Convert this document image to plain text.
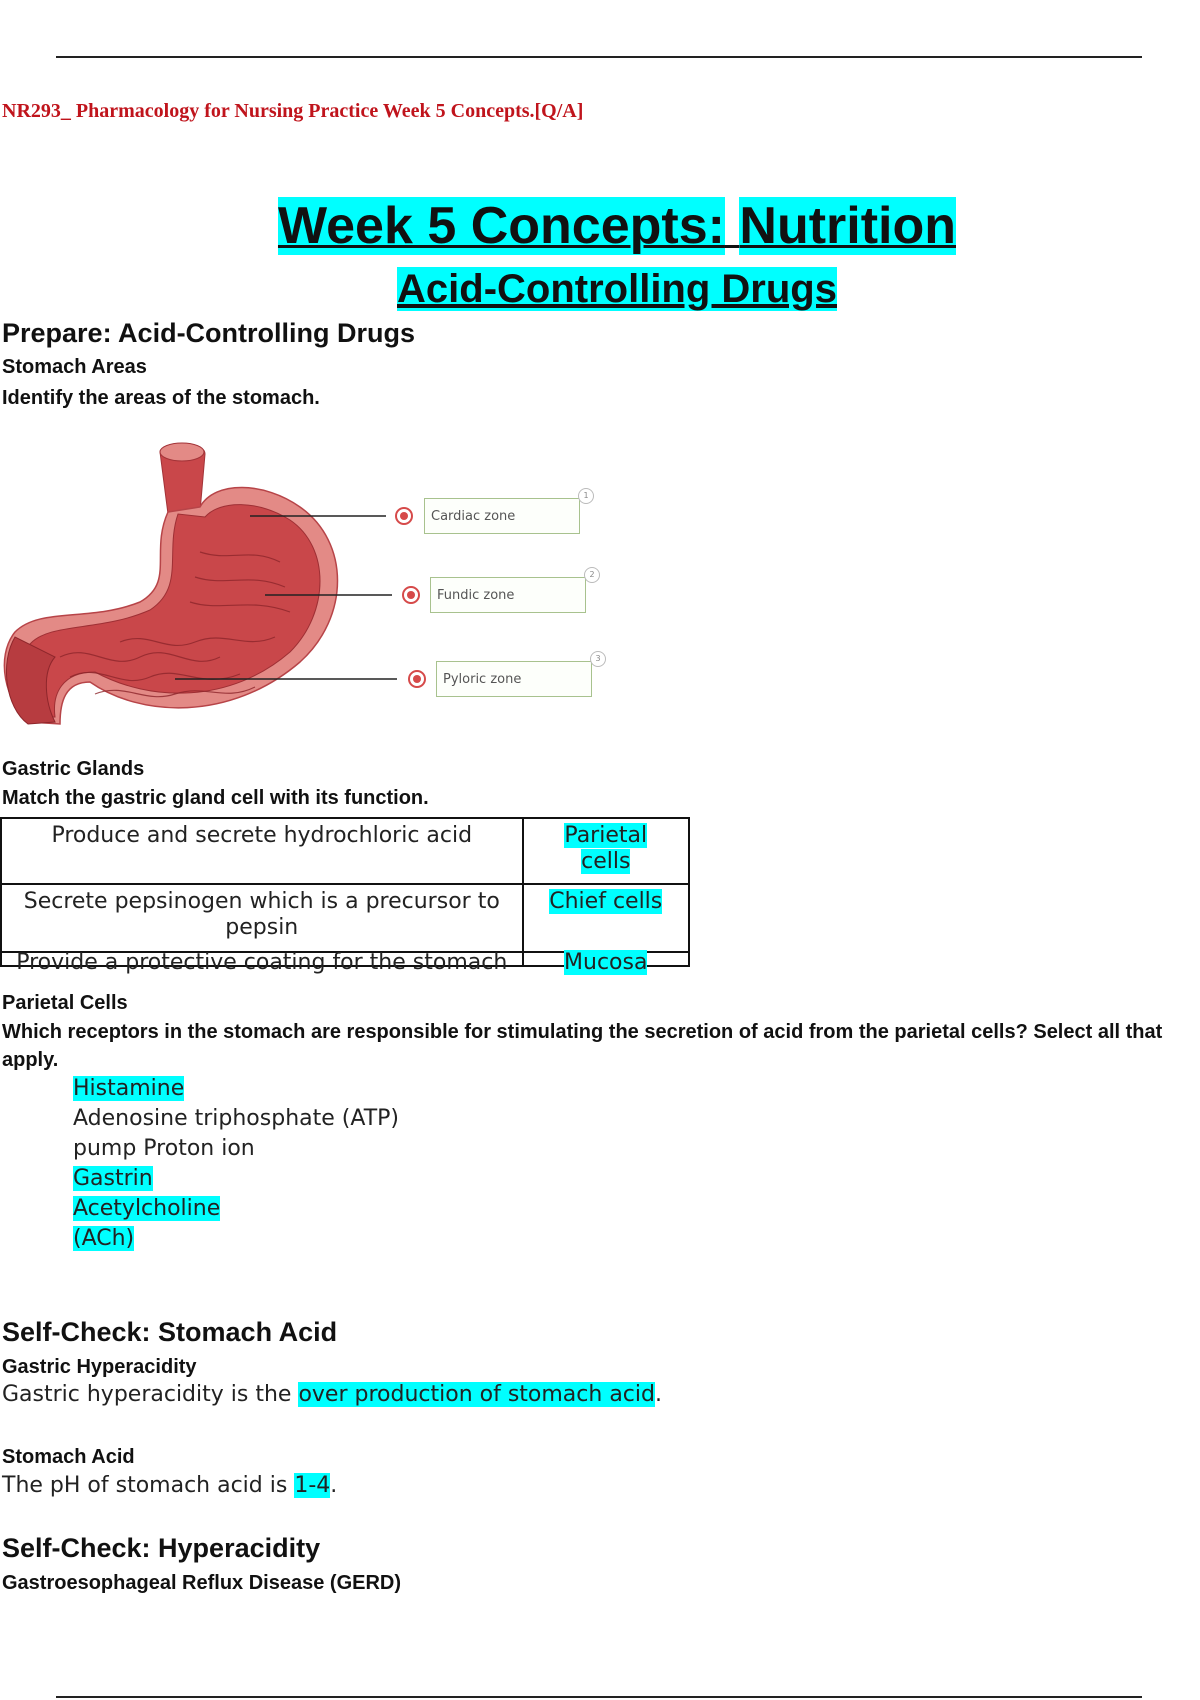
NR293_ Pharmacology for Nursing Practice Week 5 Concepts.[Q/A]
Week 5 Concepts: Nutrition
Acid-Controlling Drugs
Prepare: Acid-Controlling Drugs
Stomach Areas
Identify the areas of the stomach.
Cardiac zone
1
Fundic zone
2
Pyloric zone
3
Gastric Glands
Match the gastric gland cell with its function.
Produce and secrete hydrochloric acid	Parietal
cells
Secrete pepsinogen which is a precursor to pepsin	Chief cells

Provide a protective coating for the stomach	Mucosa
Parietal Cells
Which receptors in the stomach are responsible for stimulating the secretion of acid from the parietal cells? Select all that apply.
Histamine
Adenosine triphosphate (ATP)
pump Proton ion
Gastrin
Acetylcholine
(ACh)
Self-Check: Stomach Acid
Gastric Hyperacidity
Gastric hyperacidity is the over production of stomach acid.
Stomach Acid
The pH of stomach acid is 1-4.
Self-Check: Hyperacidity
Gastroesophageal Reflux Disease (GERD)
